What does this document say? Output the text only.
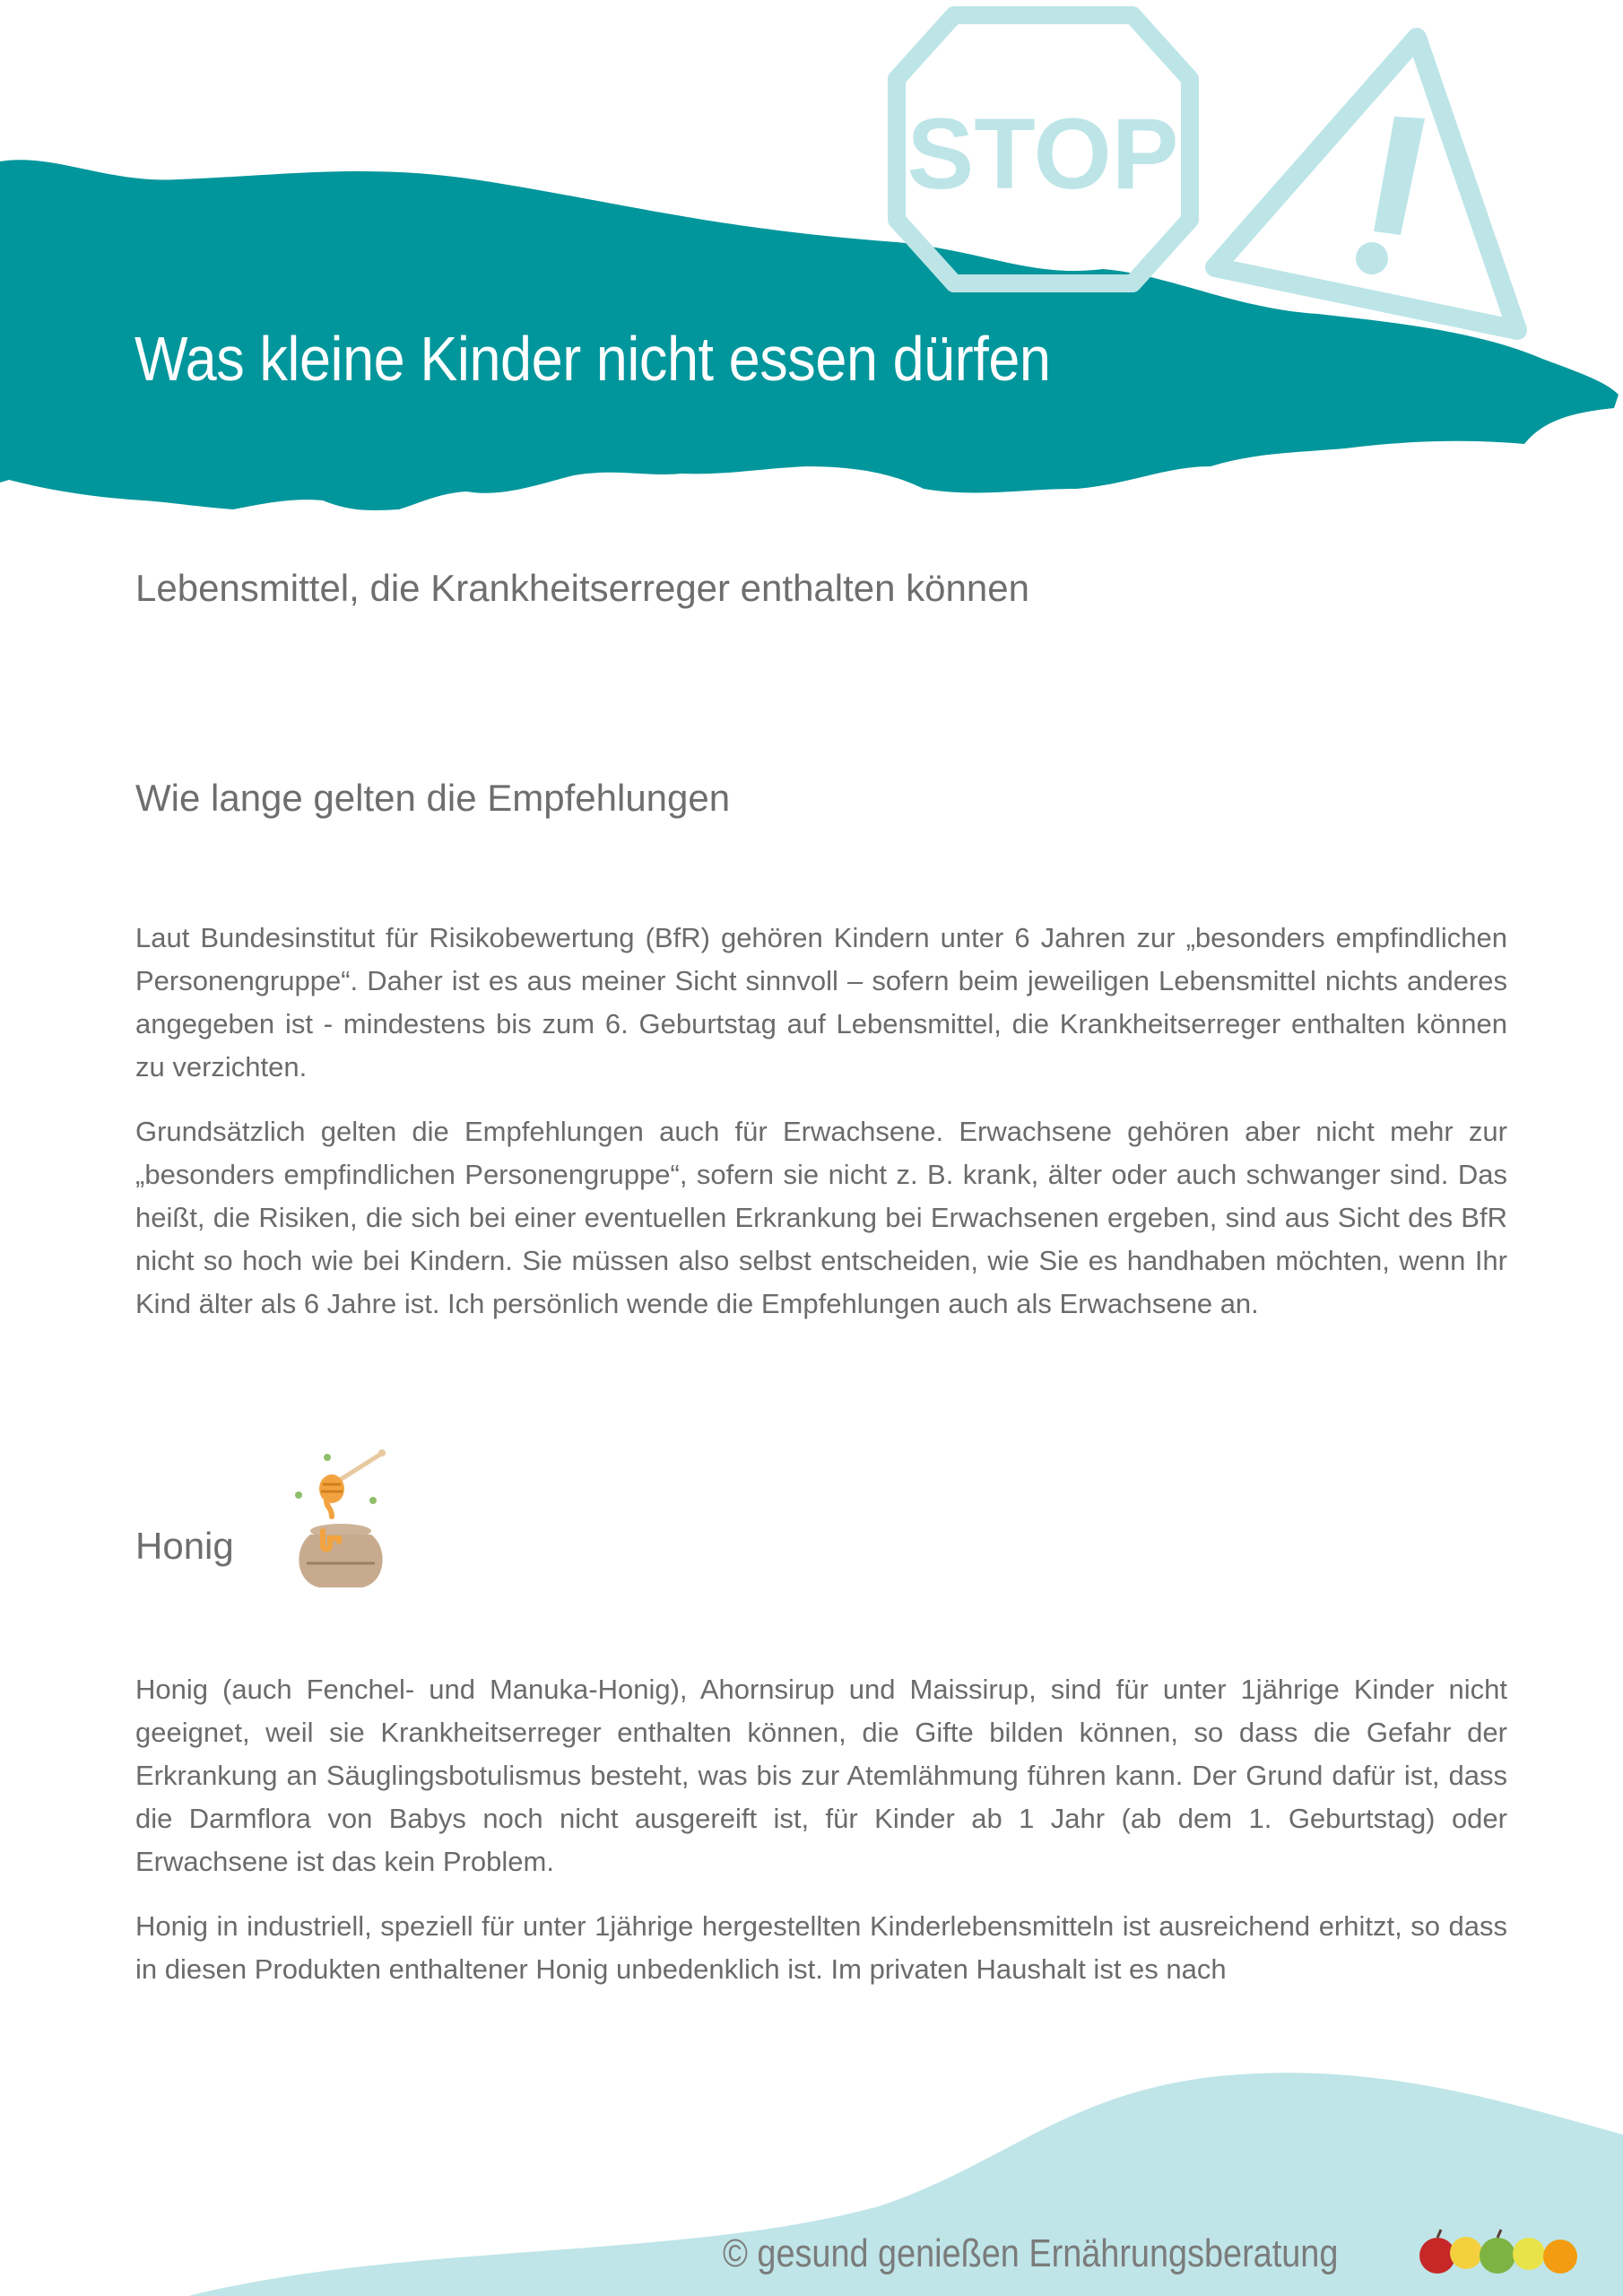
STOP
Was kleine Kinder nicht essen dürfen
Lebensmittel, die Krankheitserreger enthalten können
Wie lange gelten die Empfehlungen

Laut Bundesinstitut für Risikobewertung (BfR) gehören Kindern unter 6 Jahren zur „besonders empfindlichen Personengruppe“. Daher ist es aus meiner Sicht sinnvoll – sofern beim jeweiligen Lebensmittel nichts anderes angegeben ist - mindestens bis zum 6. Geburtstag auf Lebensmittel, die Krankheitserreger enthalten können zu verzichten.

Grundsätzlich gelten die Empfehlungen auch für Erwachsene. Erwachsene gehören aber nicht mehr zur „besonders empfindlichen Personengruppe“, sofern sie nicht z. B. krank, älter oder auch schwanger sind. Das heißt, die Risiken, die sich bei einer eventuellen Erkrankung bei Erwachsenen ergeben, sind aus Sicht des BfR nicht so hoch wie bei Kindern. Sie müssen also selbst entscheiden, wie Sie es handhaben möchten, wenn Ihr Kind älter als 6 Jahre ist. Ich persönlich wende die Empfehlungen auch als Erwachsene an.

Honig

Honig (auch Fenchel- und Manuka-Honig), Ahornsirup und Maissirup, sind für unter 1jährige Kinder nicht geeignet, weil sie Krankheitserreger enthalten können, die Gifte bilden können, so dass die Gefahr der Erkrankung an Säuglingsbotulismus besteht, was bis zur Atemlähmung führen kann. Der Grund dafür ist, dass die Darmflora von Babys noch nicht ausgereift ist, für Kinder ab 1 Jahr (ab dem 1. Geburtstag) oder Erwachsene ist das kein Problem.

Honig in industriell, speziell für unter 1jährige hergestellten Kinderlebensmitteln ist ausreichend erhitzt, so dass in diesen Produkten enthaltener Honig unbedenklich ist. Im privaten Haushalt ist es nach

© gesund genießen Ernährungsberatung
